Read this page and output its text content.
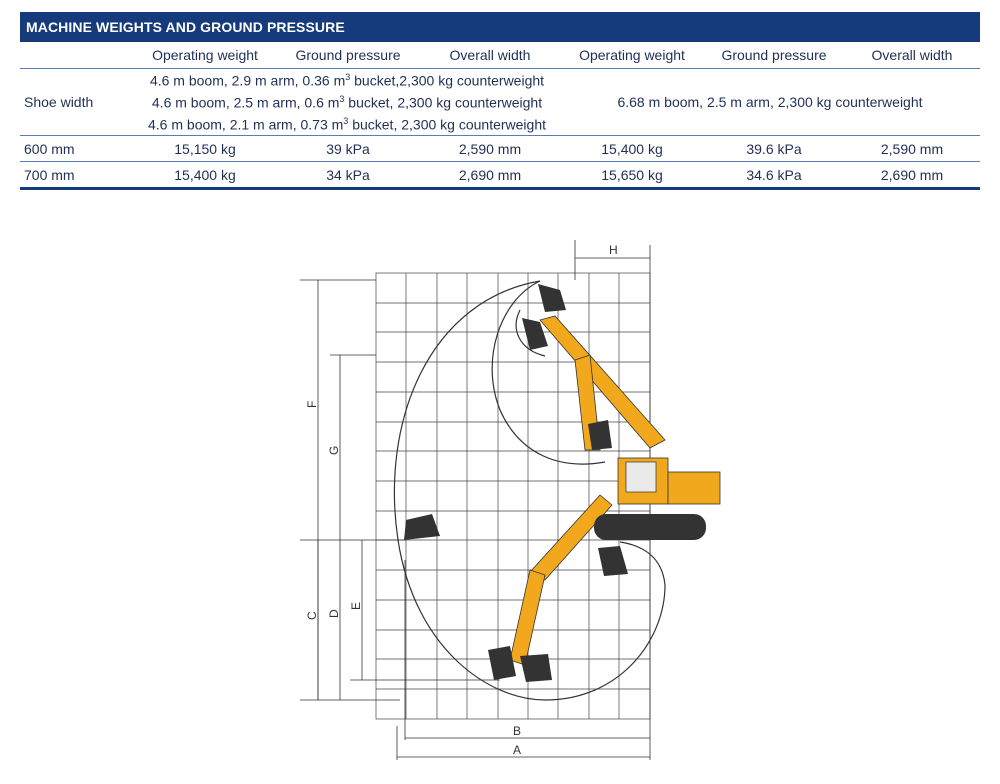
MACHINE WEIGHTS AND GROUND PRESSURE
	Operating weight	Ground pressure	Overall width	Operating weight	Ground pressure	Overall width
Shoe width	4.6 m boom, 2.9 m arm, 0.36 $m^3$ bucket,2,300 kg counterweight			6.68 m boom, 2.5 m arm, 2,300 kg counterweight		
	4.6 m boom, 2.5 m arm, 0.6 $m^3$ bucket, 2,300 kg counterweight					
	4.6 m boom, 2.1 m arm, 0.73 $m^3$ bucket, 2,300 kg counterweight					
600 mm	15,150 kg	39 kPa	2,590 mm	15,400 kg	39.6 kPa	2,590 mm
700 mm	15,400 kg	34 kPa	2,690 mm	15,650 kg	34.6 kPa	2,690 mm
A
B
C D
E
F
G
H
